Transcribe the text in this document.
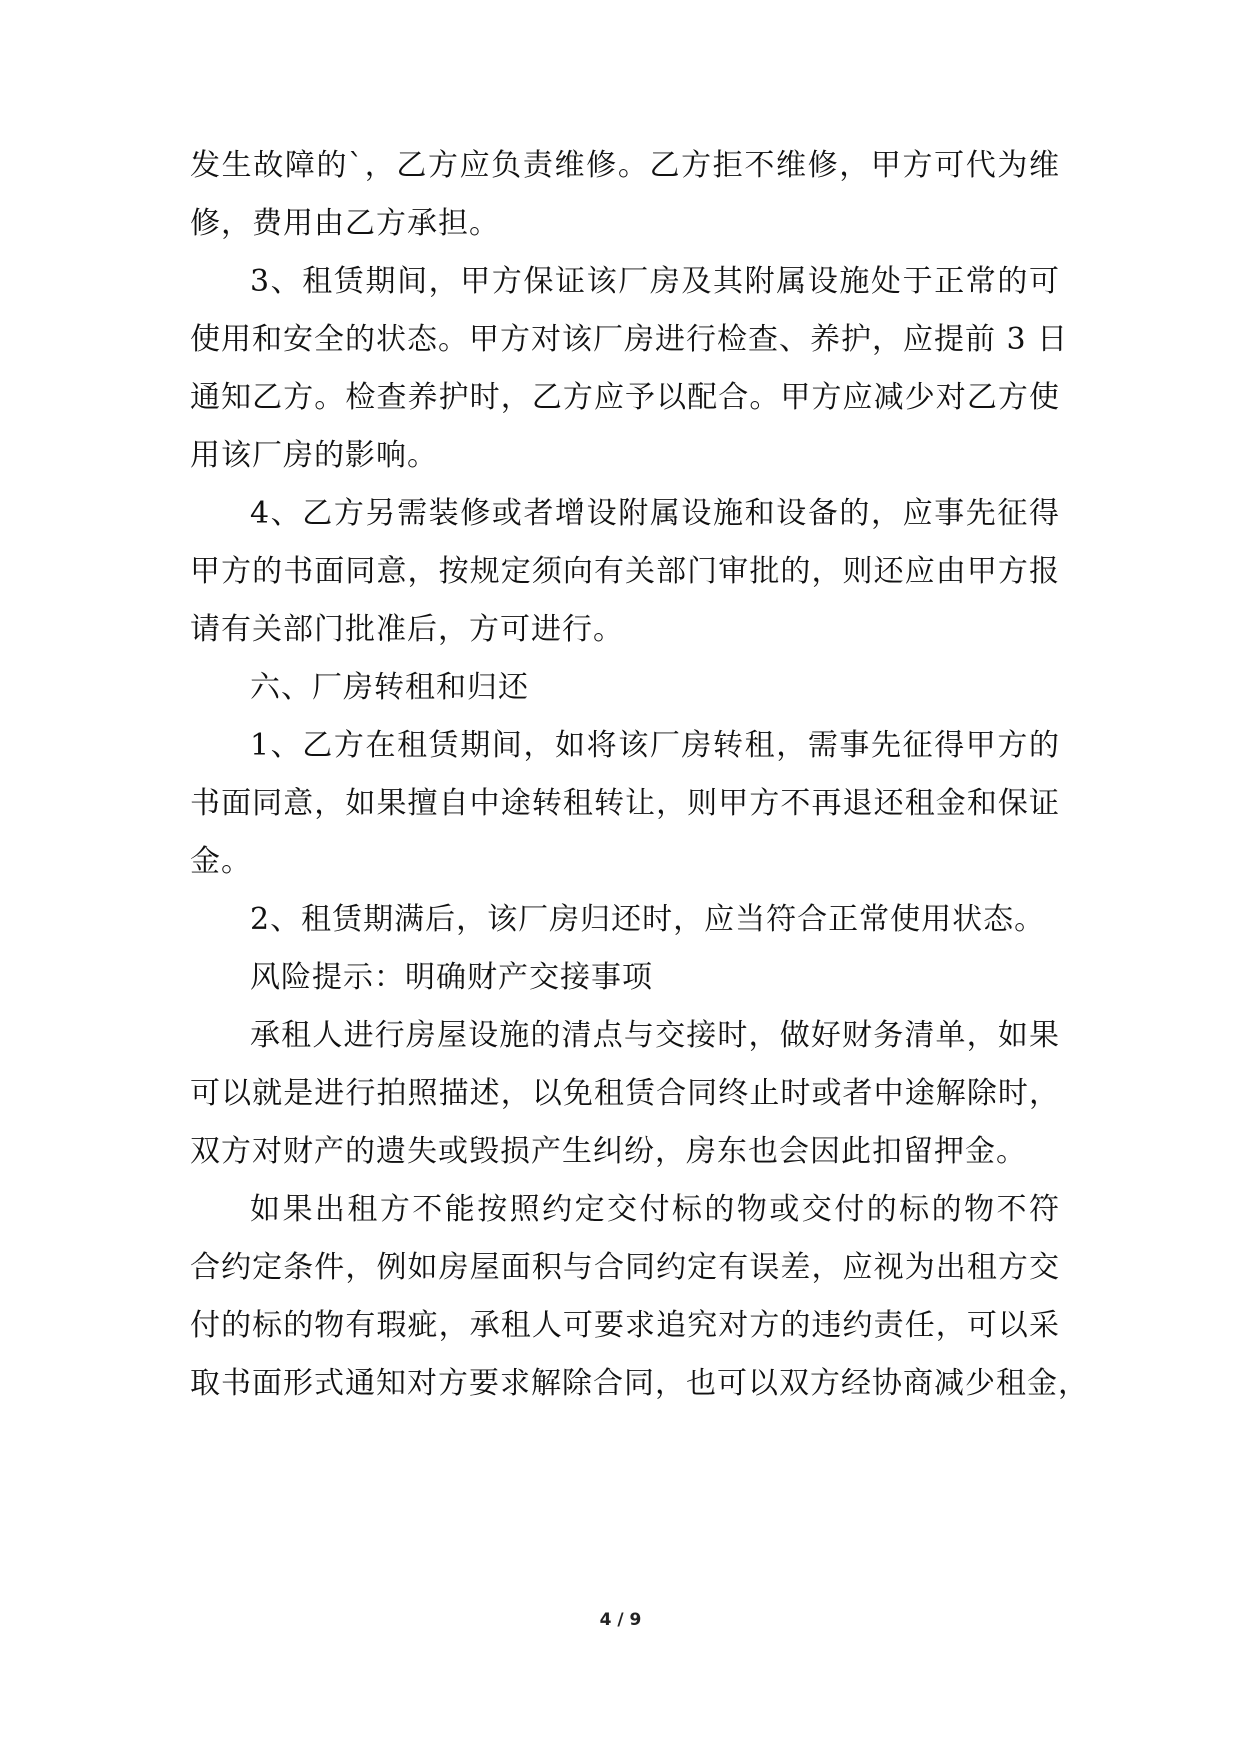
发生故障的`，乙方应负责维修。乙方拒不维修，甲方可代为维
修，费用由乙方承担。
3、租赁期间，甲方保证该厂房及其附属设施处于正常的可
使用和安全的状态。甲方对该厂房进行检查、养护，应提前 3 日
通知乙方。检查养护时，乙方应予以配合。甲方应减少对乙方使
用该厂房的影响。
4、乙方另需装修或者增设附属设施和设备的，应事先征得
甲方的书面同意，按规定须向有关部门审批的，则还应由甲方报
请有关部门批准后，方可进行。
六、厂房转租和归还
1、乙方在租赁期间，如将该厂房转租，需事先征得甲方的
书面同意，如果擅自中途转租转让，则甲方不再退还租金和保证
金。
2、租赁期满后，该厂房归还时，应当符合正常使用状态。
风险提示：明确财产交接事项
承租人进行房屋设施的清点与交接时，做好财务清单，如果
可以就是进行拍照描述，以免租赁合同终止时或者中途解除时，
双方对财产的遗失或毁损产生纠纷，房东也会因此扣留押金。
如果出租方不能按照约定交付标的物或交付的标的物不符
合约定条件，例如房屋面积与合同约定有误差，应视为出租方交
付的标的物有瑕疵，承租人可要求追究对方的违约责任，可以采
取书面形式通知对方要求解除合同，也可以双方经协商减少租金，
4 / 9
